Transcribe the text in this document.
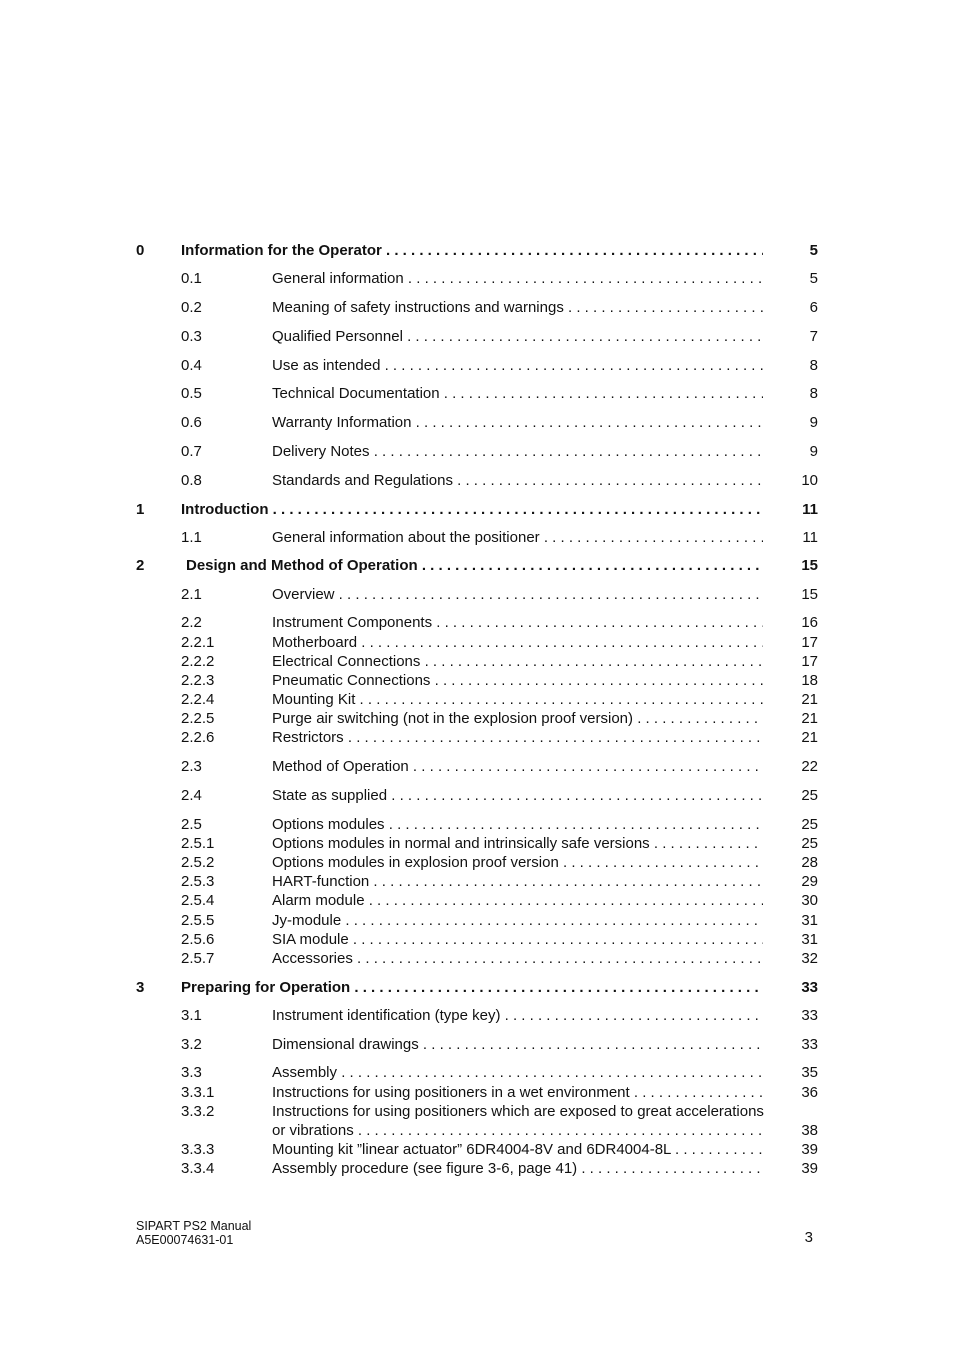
0 Information for the Operator . . .	5
0.1	General information . . .	5
0.2	Meaning of safety instructions and warnings . . .	6
0.3	Qualified Personnel . . .	7
0.4	Use as intended . . .	8
0.5	Technical Documentation . . .	8
0.6	Warranty Information . . .	9
0.7	Delivery Notes . . .	9
0.8	Standards and Regulations . . .	10
1 Introduction . . .	11
1.1	General information about the positioner . . .	11
2	Design and Method of Operation . . .	15
2.1	Overview . . .	15
2.2	Instrument Components . . .	16
2.2.1	Motherboard . . .	17
2.2.2	Electrical Connections . . .	17
2.2.3	Pneumatic Connections . . .	18
2.2.4	Mounting Kit . . .	21
2.2.5	Purge air switching (not in the explosion proof version) . . .	21
2.2.6	Restrictors . . .	21
2.3	Method of Operation . . .	22
2.4	State as supplied . . .	25
2.5	Options modules . . .	25
2.5.1	Options modules in normal and intrinsically safe versions . . .	25
2.5.2	Options modules in explosion proof version . . .	28
2.5.3	HART-function . . .	29
2.5.4	Alarm module . . .	30
2.5.5	Jy-module . . .	31
2.5.6	SIA module . . .	31
2.5.7	Accessories . . .	32
3 Preparing for Operation . . .	33
3.1	Instrument identification (type key) . . .	33
3.2	Dimensional drawings . . .	33
3.3	Assembly . . .	35
3.3.1	Instructions for using positioners in a wet environment . . .	36
3.3.2	Instructions for using positioners which are exposed to great accelerations
or vibrations . . .	38
3.3.3	Mounting kit ”linear actuator” 6DR4004-8V and 6DR4004-8L . . .	39
3.3.4	Assembly procedure (see figure 3-6, page 41) . . .	39
SIPART PS2 Manual
A5E00074631-01	3
